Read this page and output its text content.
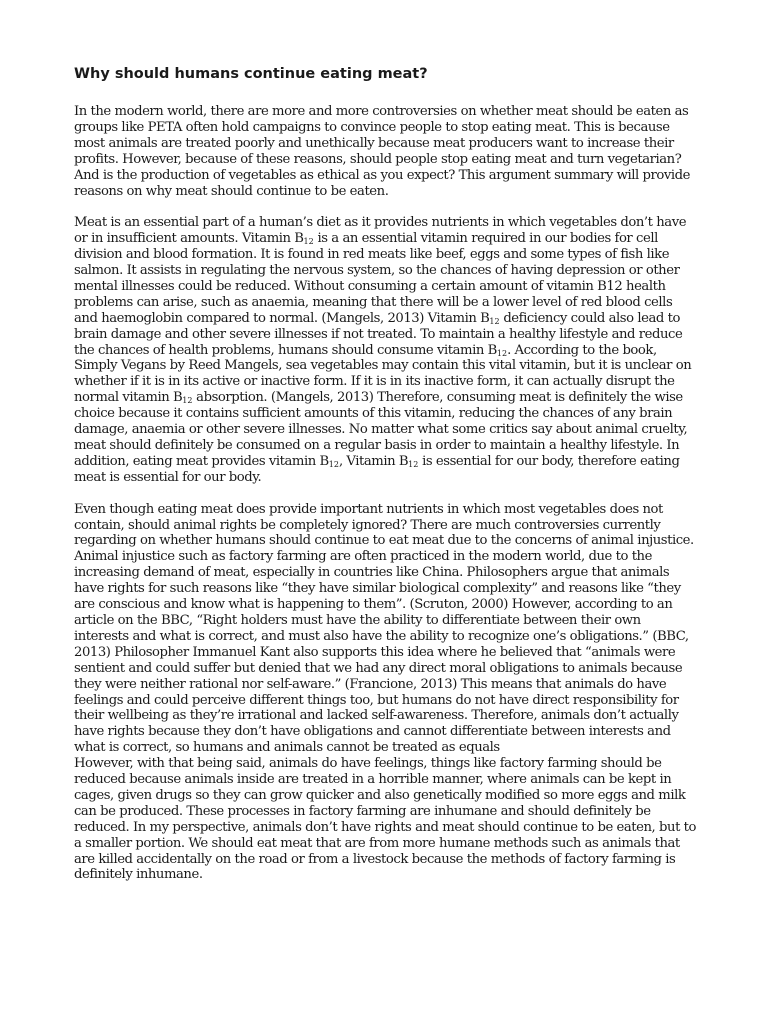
Why should humans continue eating meat?

In the modern world, there are more and more controversies on whether meat should be eaten as groups like PETA often hold campaigns to convince people to stop eating meat. This is because most animals are treated poorly and unethically because meat producers want to increase their profits. However, because of these reasons, should people stop eating meat and turn vegetarian? And is the production of vegetables as ethical as you expect? This argument summary will provide reasons on why meat should continue to be eaten.

Meat is an essential part of a human’s diet as it provides nutrients in which vegetables don’t have or in insufficient amounts. Vitamin $B_{12}$ is a an essential vitamin required in our bodies for cell division and blood formation. It is found in red meats like beef, eggs and some types of fish like salmon. It assists in regulating the nervous system, so the chances of having depression or other mental illnesses could be reduced. Without consuming a certain amount of vitamin B12 health problems can arise, such as anaemia, meaning that there will be a lower level of red blood cells and haemoglobin compared to normal. (Mangels, 2013) Vitamin $B_{12}$ deficiency could also lead to brain damage and other severe illnesses if not treated. To maintain a healthy lifestyle and reduce the chances of health problems, humans should consume vitamin $B_{12}$. According to the book, Simply Vegans by Reed Mangels, sea vegetables may contain this vital vitamin, but it is unclear on whether if it is in its active or inactive form. If it is in its inactive form, it can actually disrupt the normal vitamin $B_{12}$ absorption. (Mangels, 2013) Therefore, consuming meat is definitely the wise choice because it contains sufficient amounts of this vitamin, reducing the chances of any brain damage, anaemia or other severe illnesses. No matter what some critics say about animal cruelty, meat should definitely be consumed on a regular basis in order to maintain a healthy lifestyle. In addition, eating meat provides vitamin $B_{12}$, Vitamin $B_{12}$ is essential for our body, therefore eating meat is essential for our body.

Even though eating meat does provide important nutrients in which most vegetables does not contain, should animal rights be completely ignored? There are much controversies currently regarding on whether humans should continue to eat meat due to the concerns of animal injustice. Animal injustice such as factory farming are often practiced in the modern world, due to the increasing demand of meat, especially in countries like China. Philosophers argue that animals have rights for such reasons like “they have similar biological complexity” and reasons like “they are conscious and know what is happening to them”. (Scruton, 2000) However, according to an article on the BBC, “Right holders must have the ability to differentiate between their own interests and what is correct, and must also have the ability to recognize one’s obligations.” (BBC, 2013) Philosopher Immanuel Kant also supports this idea where he believed that “animals were sentient and could suffer but denied that we had any direct moral obligations to animals because they were neither rational nor self-aware.” (Francione, 2013) This means that animals do have feelings and could perceive different things too, but humans do not have direct responsibility for their wellbeing as they’re irrational and lacked self-awareness. Therefore, animals don’t actually have rights because they don’t have obligations and cannot differentiate between interests and what is correct, so humans and animals cannot be treated as equals

However, with that being said, animals do have feelings, things like factory farming should be reduced because animals inside are treated in a horrible manner, where animals can be kept in cages, given drugs so they can grow quicker and also genetically modified so more eggs and milk can be produced. These processes in factory farming are inhumane and should definitely be reduced. In my perspective, animals don’t have rights and meat should continue to be eaten, but to a smaller portion. We should eat meat that are from more humane methods such as animals that are killed accidentally on the road or from a livestock because the methods of factory farming is definitely inhumane.
